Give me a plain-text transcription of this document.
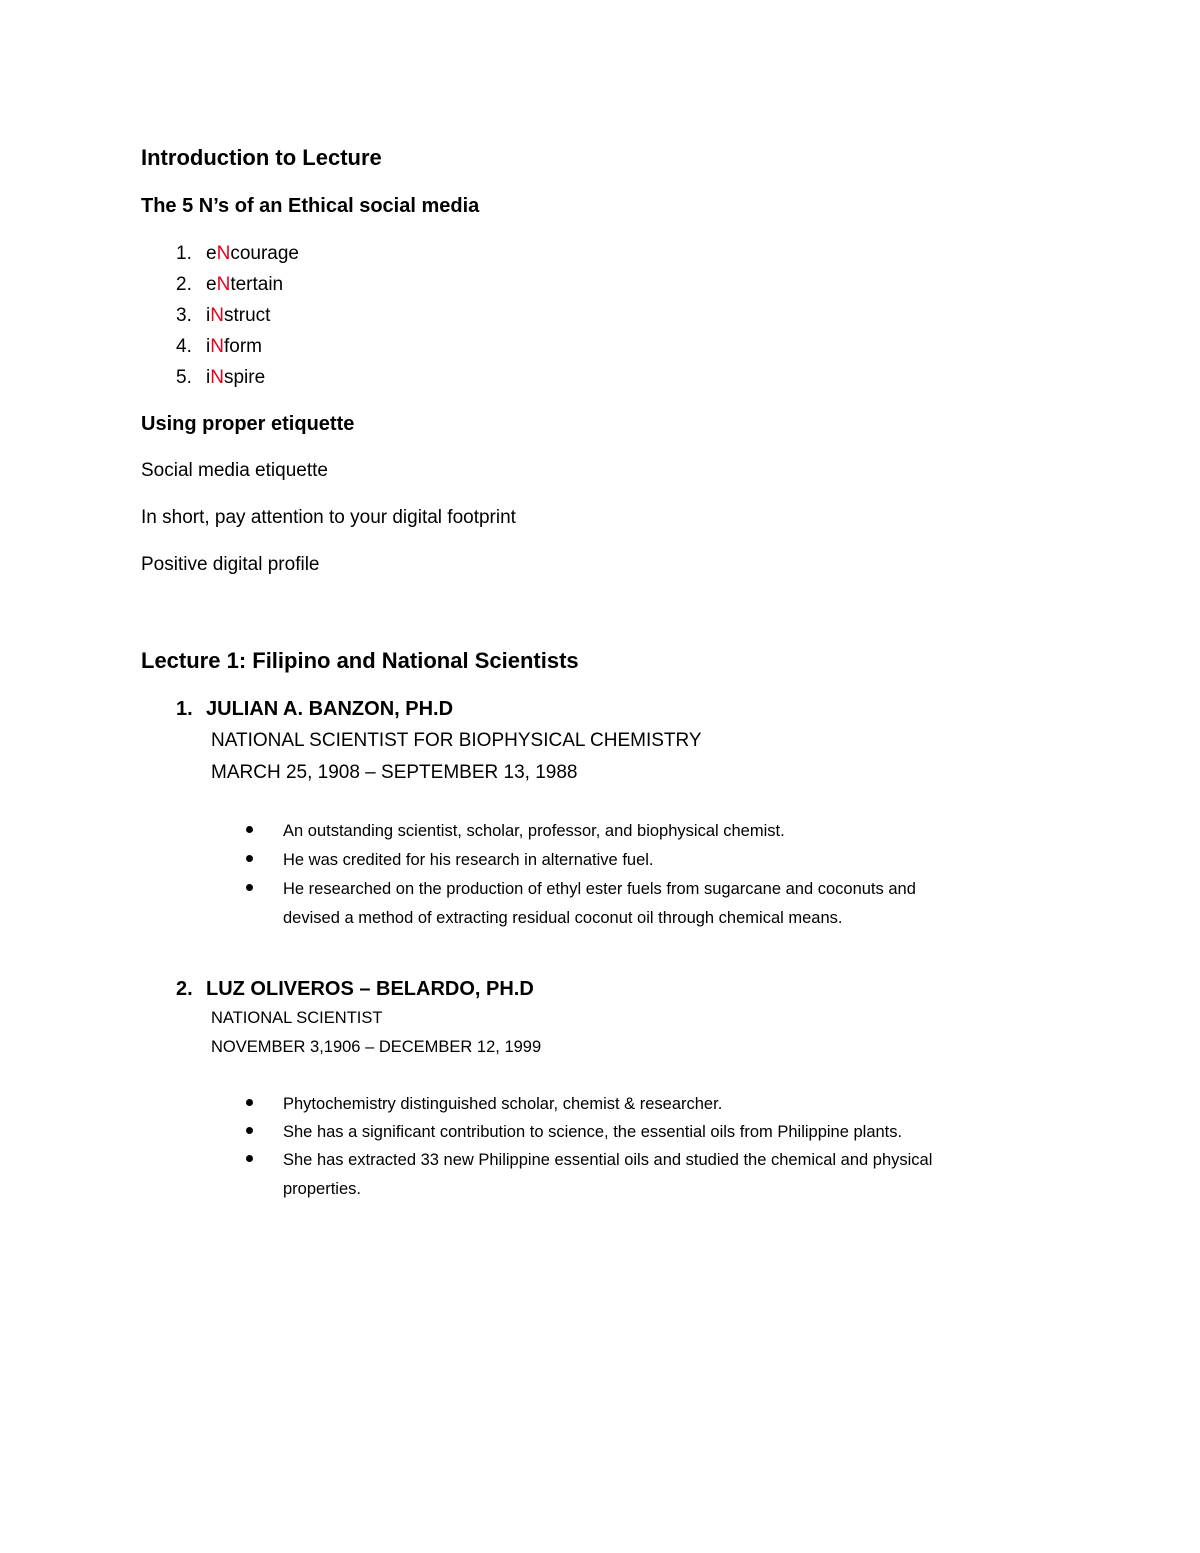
Introduction to Lecture
The 5 N’s of an Ethical social media
1. eNcourage
2. eNtertain
3. iNstruct
4. iNform
5. iNspire
Using proper etiquette
Social media etiquette
In short, pay attention to your digital footprint
Positive digital profile
Lecture 1: Filipino and National Scientists
1. JULIAN A. BANZON, PH.D
NATIONAL SCIENTIST FOR BIOPHYSICAL CHEMISTRY
MARCH 25, 1908 – SEPTEMBER 13, 1988
An outstanding scientist, scholar, professor, and biophysical chemist.
He was credited for his research in alternative fuel.
He researched on the production of ethyl ester fuels from sugarcane and coconuts and
devised a method of extracting residual coconut oil through chemical means.
2. LUZ OLIVEROS – BELARDO, PH.D
NATIONAL SCIENTIST
NOVEMBER 3,1906 – DECEMBER 12, 1999
Phytochemistry distinguished scholar, chemist & researcher.
She has a significant contribution to science, the essential oils from Philippine plants.
She has extracted 33 new Philippine essential oils and studied the chemical and physical
properties.
